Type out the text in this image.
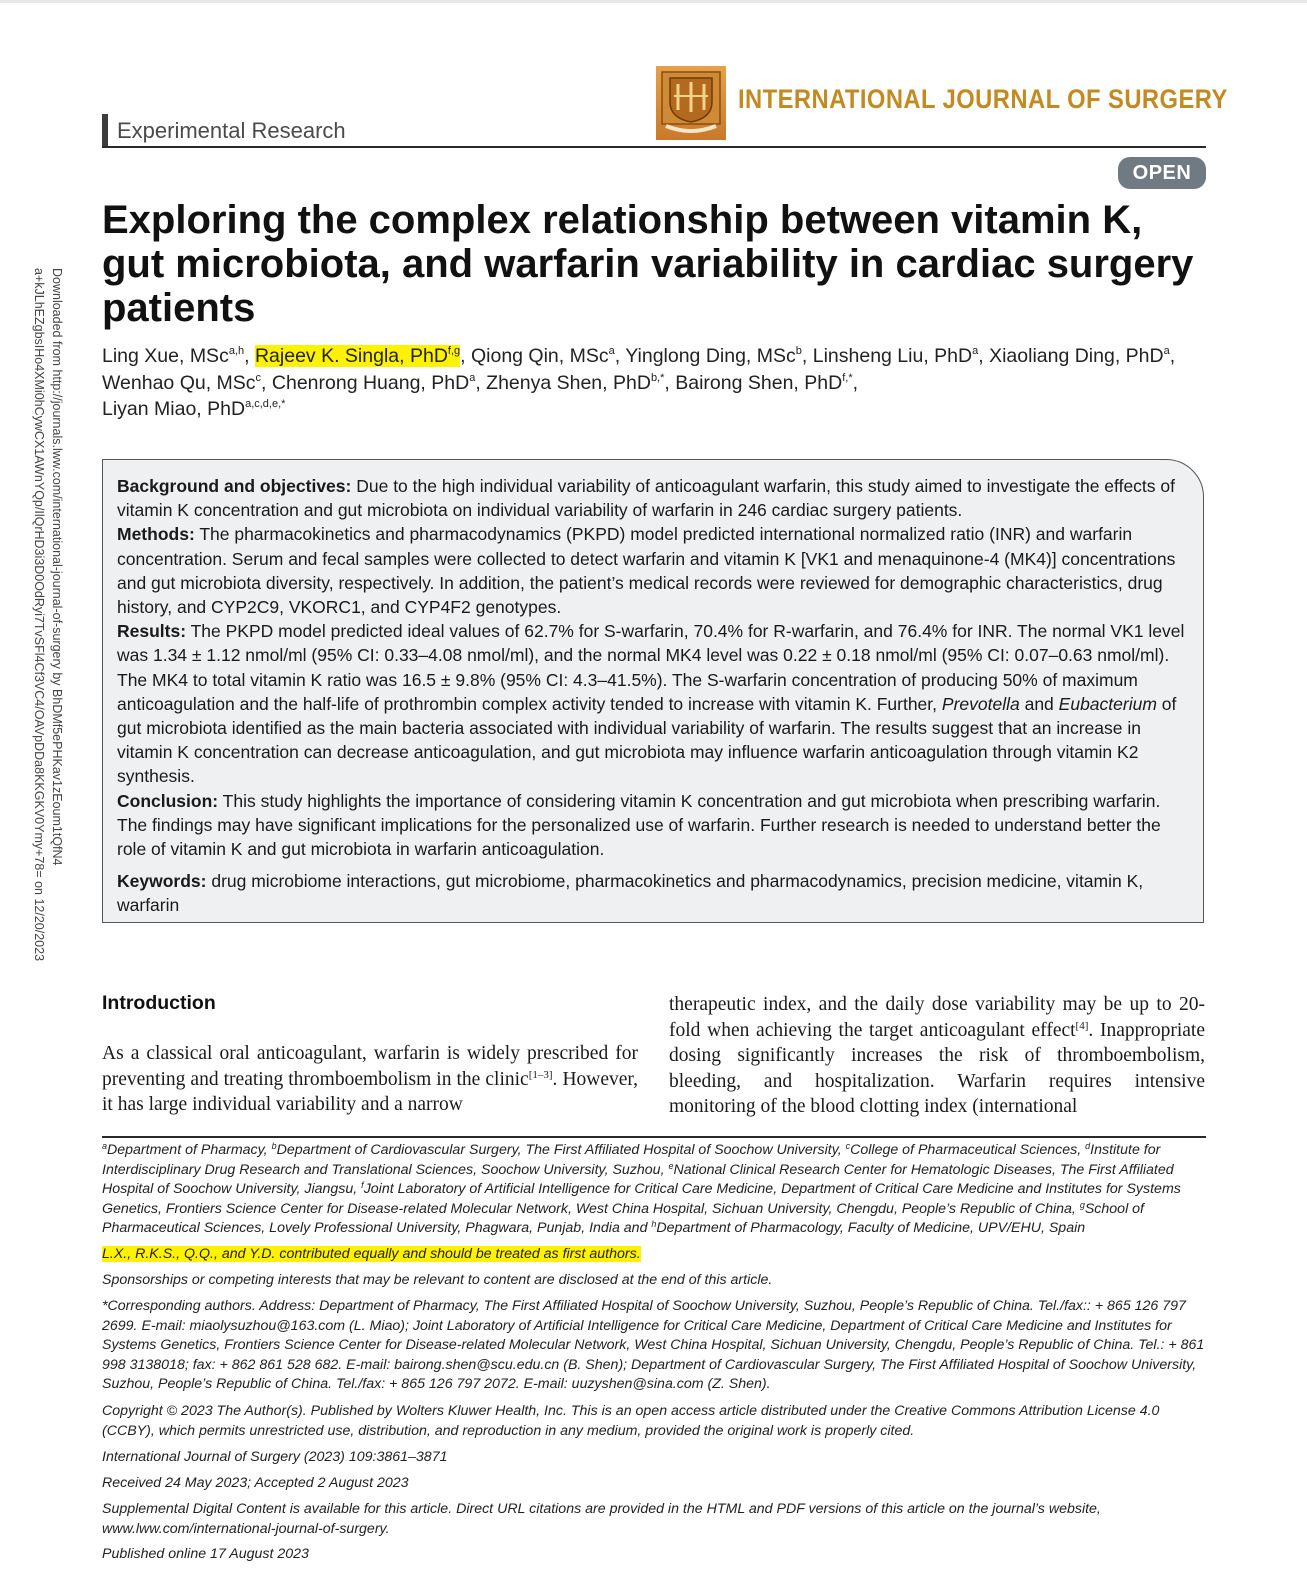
Downloaded from http://journals.lww.com/international-journal-of-surgery by BhDMf5ePHKav1zEoum1tQfN4
a+kJLhEZgbsIHo4XMi0hCywCX1AWnYQp/IlQrHD3i3D0OdRyi7TvSFl4Cf3VC4/OAVpDDa8KKGKV0Ymy+78= on 12/20/2023
Experimental Research
INTERNATIONAL JOURNAL OF SURGERY
OPEN
Exploring the complex relationship between vitamin K, gut microbiota, and warfarin variability in cardiac surgery patients
Ling Xue, MSc$^{a,h}$, Rajeev K. Singla, PhD$^{f,g}$, Qiong Qin, MSc$^a$, Yinglong Ding, MSc$^b$, Linsheng Liu, PhD$^a$, Xiaoliang Ding, PhD$^a$, Wenhao Qu, MSc$^c$, Chenrong Huang, PhD$^a$, Zhenya Shen, PhD$^{b,*}$, Bairong Shen, PhD$^{f,*}$,
Liyan Miao, PhD$^{a,c,d,e,*}$

Background and objectives: Due to the high individual variability of anticoagulant warfarin, this study aimed to investigate the effects of vitamin K concentration and gut microbiota on individual variability of warfarin in 246 cardiac surgery patients.

Methods: The pharmacokinetics and pharmacodynamics (PKPD) model predicted international normalized ratio (INR) and warfarin concentration. Serum and fecal samples were collected to detect warfarin and vitamin K [VK1 and menaquinone-4 (MK4)] concentrations and gut microbiota diversity, respectively. In addition, the patient’s medical records were reviewed for demographic characteristics, drug history, and CYP2C9, VKORC1, and CYP4F2 genotypes.

Results: The PKPD model predicted ideal values of 62.7% for S-warfarin, 70.4% for R-warfarin, and 76.4% for INR. The normal VK1 level was 1.34 ± 1.12 nmol/ml (95% CI: 0.33–4.08 nmol/ml), and the normal MK4 level was 0.22 ± 0.18 nmol/ml (95% CI: 0.07–0.63 nmol/ml). The MK4 to total vitamin K ratio was 16.5 ± 9.8% (95% CI: 4.3–41.5%). The S-warfarin concentration of producing 50% of maximum anticoagulation and the half-life of prothrombin complex activity tended to increase with vitamin K. Further, Prevotella and Eubacterium of gut microbiota identified as the main bacteria associated with individual variability of warfarin. The results suggest that an increase in vitamin K concentration can decrease anticoagulation, and gut microbiota may influence warfarin anticoagulation through vitamin K2 synthesis.

Conclusion: This study highlights the importance of considering vitamin K concentration and gut microbiota when prescribing warfarin. The findings may have significant implications for the personalized use of warfarin. Further research is needed to understand better the role of vitamin K and gut microbiota in warfarin anticoagulation.

Keywords: drug microbiome interactions, gut microbiome, pharmacokinetics and pharmacodynamics, precision medicine, vitamin K, warfarin

Introduction
As a classical oral anticoagulant, warfarin is widely prescribed for preventing and treating thromboembolism in the clinic[1–3]. However, it has large individual variability and a narrow
therapeutic index, and the daily dose variability may be up to 20-fold when achieving the target anticoagulant effect[4]. Inappropriate dosing significantly increases the risk of thromboembolism, bleeding, and hospitalization. Warfarin requires intensive monitoring of the blood clotting index (international

$^a$Department of Pharmacy, $^b$Department of Cardiovascular Surgery, The First Affiliated Hospital of Soochow University, $^c$College of Pharmaceutical Sciences, $^d$Institute for Interdisciplinary Drug Research and Translational Sciences, Soochow University, Suzhou, $^e$National Clinical Research Center for Hematologic Diseases, The First Affiliated Hospital of Soochow University, Jiangsu, $^f$Joint Laboratory of Artificial Intelligence for Critical Care Medicine, Department of Critical Care Medicine and Institutes for Systems Genetics, Frontiers Science Center for Disease-related Molecular Network, West China Hospital, Sichuan University, Chengdu, People’s Republic of China, $^g$School of Pharmaceutical Sciences, Lovely Professional University, Phagwara, Punjab, India and $^h$Department of Pharmacology, Faculty of Medicine, UPV/EHU, Spain

L.X., R.K.S., Q.Q., and Y.D. contributed equally and should be treated as first authors.

Sponsorships or competing interests that may be relevant to content are disclosed at the end of this article.

*Corresponding authors. Address: Department of Pharmacy, The First Affiliated Hospital of Soochow University, Suzhou, People’s Republic of China. Tel./fax:: + 865 126 797 2699. E-mail: miaolysuzhou@163.com (L. Miao); Joint Laboratory of Artificial Intelligence for Critical Care Medicine, Department of Critical Care Medicine and Institutes for Systems Genetics, Frontiers Science Center for Disease-related Molecular Network, West China Hospital, Sichuan University, Chengdu, People’s Republic of China. Tel.: + 861 998 3138018; fax: + 862 861 528 682. E-mail: bairong.shen@scu.edu.cn (B. Shen); Department of Cardiovascular Surgery, The First Affiliated Hospital of Soochow University, Suzhou, People’s Republic of China. Tel./fax: + 865 126 797 2072. E-mail: uuzyshen@sina.com (Z. Shen).

Copyright © 2023 The Author(s). Published by Wolters Kluwer Health, Inc. This is an open access article distributed under the Creative Commons Attribution License 4.0 (CCBY), which permits unrestricted use, distribution, and reproduction in any medium, provided the original work is properly cited.

International Journal of Surgery (2023) 109:3861–3871

Received 24 May 2023; Accepted 2 August 2023

Supplemental Digital Content is available for this article. Direct URL citations are provided in the HTML and PDF versions of this article on the journal’s website, www.lww.com/international-journal-of-surgery.

Published online 17 August 2023
